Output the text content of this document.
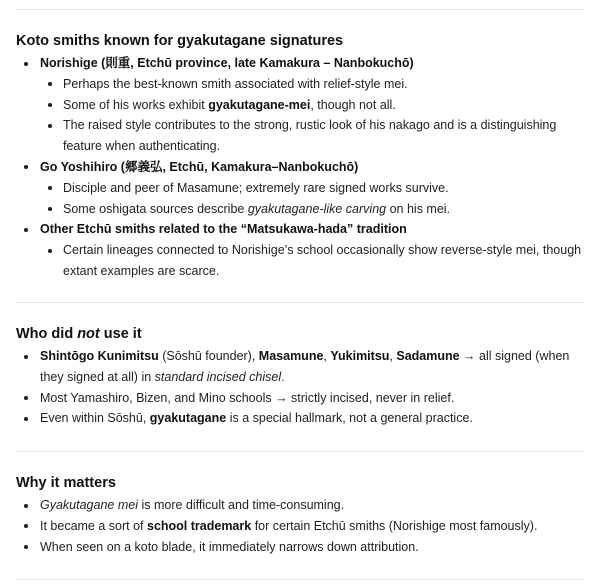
Koto smiths known for gyakutagane signatures
Norishige (則重, Etchū province, late Kamakura – Nanbokuchō)
Perhaps the best-known smith associated with relief-style mei.
Some of his works exhibit gyakutagane-mei, though not all.
The raised style contributes to the strong, rustic look of his nakago and is a distinguishing feature when authenticating.
Go Yoshihiro (郷義弘, Etchū, Kamakura–Nanbokuchō)
Disciple and peer of Masamune; extremely rare signed works survive.
Some oshigata sources describe gyakutagane-like carving on his mei.
Other Etchū smiths related to the “Matsukawa-hada” tradition
Certain lineages connected to Norishige’s school occasionally show reverse-style mei, though extant examples are scarce.
Who did not use it
Shintōgo Kunimitsu (Sōshū founder), Masamune, Yukimitsu, Sadamune → all signed (when they signed at all) in standard incised chisel.
Most Yamashiro, Bizen, and Mino schools → strictly incised, never in relief.
Even within Sōshū, gyakutagane is a special hallmark, not a general practice.
Why it matters
Gyakutagane mei is more difficult and time-consuming.
It became a sort of school trademark for certain Etchū smiths (Norishige most famously).
When seen on a koto blade, it immediately narrows down attribution.
